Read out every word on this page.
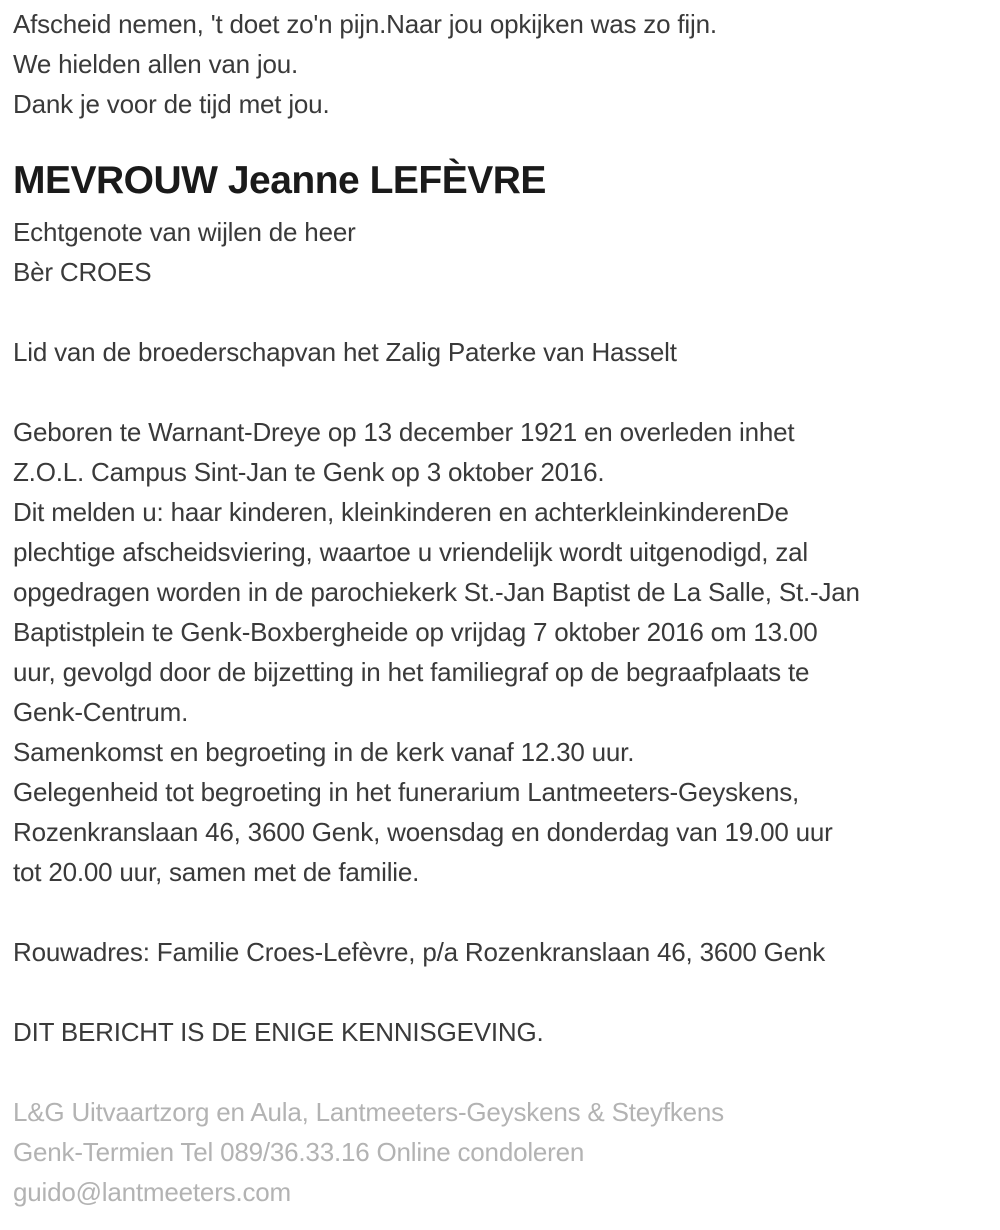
Afscheid nemen, 't doet zo'n pijn.Naar jou opkijken was zo fijn.
We hielden allen van jou.
Dank je voor de tijd met jou.
MEVROUW Jeanne LEFÈVRE
Echtgenote van wijlen de heer
Bèr CROES
Lid van de broederschapvan het Zalig Paterke van Hasselt
Geboren te Warnant-Dreye op 13 december 1921 en overleden inhet
Z.O.L. Campus Sint-Jan te Genk op 3 oktober 2016.
Dit melden u: haar kinderen, kleinkinderen en achterkleinkinderenDe
plechtige afscheidsviering, waartoe u vriendelijk wordt uitgenodigd, zal
opgedragen worden in de parochiekerk St.-Jan Baptist de La Salle, St.-Jan
Baptistplein te Genk-Boxbergheide op vrijdag 7 oktober 2016 om 13.00
uur, gevolgd door de bijzetting in het familiegraf op de begraafplaats te
Genk-Centrum.
Samenkomst en begroeting in de kerk vanaf 12.30 uur.
Gelegenheid tot begroeting in het funerarium Lantmeeters-Geyskens,
Rozenkranslaan 46, 3600 Genk, woensdag en donderdag van 19.00 uur
tot 20.00 uur, samen met de familie.
Rouwadres: Familie Croes-Lefèvre, p/a Rozenkranslaan 46, 3600 Genk
DIT BERICHT IS DE ENIGE KENNISGEVING.
L&G Uitvaartzorg en Aula, Lantmeeters-Geyskens & Steyfkens
Genk-Termien Tel 089/36.33.16 Online condoleren
guido@lantmeeters.com
